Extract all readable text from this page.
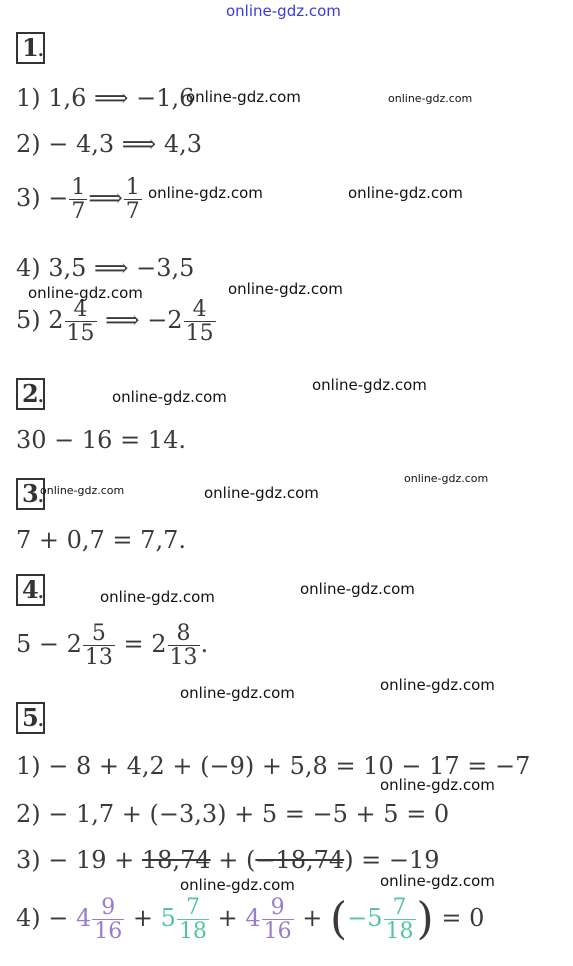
online-gdz.com
1
.
1) 1,6 ⟹ −1,6
2) − 4,3 ⟹ 4,3
$3) - \frac{1}{7}$ ⟹ $\frac{1}{7}$
4) 3,5 ⟹ −3,5
5) $2 \frac{4}{15}$ ⟹ $-2 \frac{4}{15}$
2
.
30 − 16 = 14.
3
.
7 + 0,7 = 7,7.
4
.
$5 - 2 \frac{5}{13} = 2 \frac{8}{13}$ .
5
.
1) − 8 + 4,2 + (−9) + 5,8 = 10 − 17 = −7
2) − 1,7 + (−3,3) + 5 = −5 + 5 = 0
3) − 19 + 18,74 + (−18,74) = −19
$4) - 4 \frac{9}{16} + 5 \frac{7}{18} + 4 \frac{9}{16} + (-5 \frac{7}{18}$ ) = 0
online-gdz.com	online-gdz.com
online-gdz.com	online-gdz.com
online-gdz.com	online-gdz.com
online-gdz.com
online-gdz.com
online-gdz.com	online-gdz.com
online-gdz.com
online-gdz.com	online-gdz.com
online-gdz.com	online-gdz.com
online-gdz.com
online-gdz.com	online-gdz.com
